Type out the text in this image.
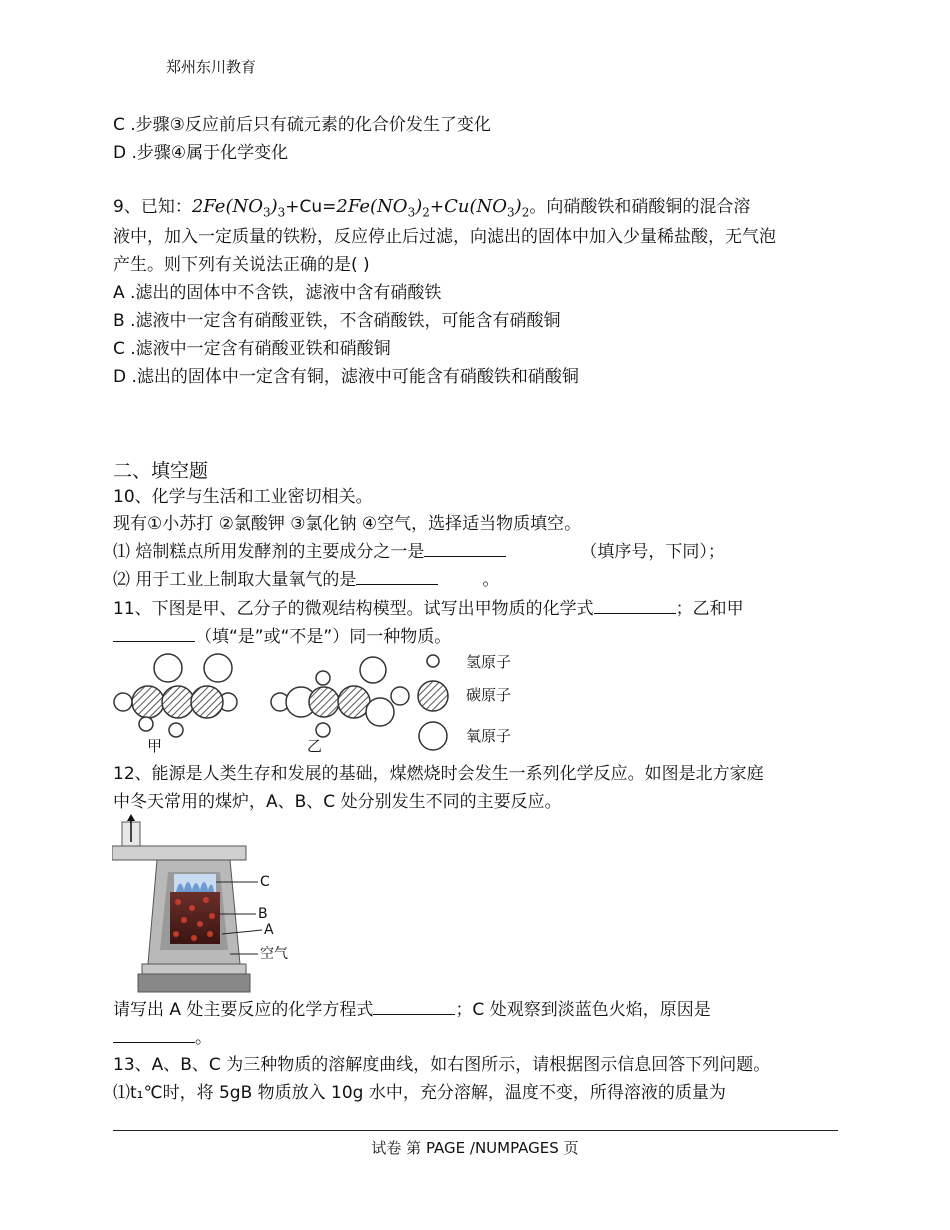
郑州东川教育
C .步骤③反应前后只有硫元素的化合价发生了变化
D .步骤④属于化学变化
9、已知：$2Fe(NO_3)_3+Cu=2Fe(NO_3)_2+Cu(NO_3)_2$。向硝酸铁和硝酸铜的混合溶
液中，加入一定质量的铁粉，反应停止后过滤，向滤出的固体中加入少量稀盐酸，无气泡
产生。则下列有关说法正确的是( )
A .滤出的固体中不含铁，滤液中含有硝酸铁
B .滤液中一定含有硝酸亚铁，不含硝酸铁，可能含有硝酸铜
C .滤液中一定含有硝酸亚铁和硝酸铜
D .滤出的固体中一定含有铜，滤液中可能含有硝酸铁和硝酸铜
二、填空题
10、化学与生活和工业密切相关。
现有①小苏打 ②氯酸钾 ③氯化钠 ④空气，选择适当物质填空。
⑴ 焙制糕点所用发酵剂的主要成分之一是	（填序号，下同）；
⑵ 用于工业上制取大量氧气的是	。
11、下图是甲、乙分子的微观结构模型。试写出甲物质的化学式	；乙和甲
（填“是”或“不是”）同一种物质。
甲	乙
氢原子
碳原子
氧原子
12、能源是人类生存和发展的基础，煤燃烧时会发生一系列化学反应。如图是北方家庭
中冬天常用的煤炉，A、B、C 处分别发生不同的主要反应。
C
B
A
空气
请写出 A 处主要反应的化学方程式	；C 处观察到淡蓝色火焰，原因是
。
13、A、B、C 为三种物质的溶解度曲线，如右图所示，请根据图示信息回答下列问题。
⑴t₁℃时，将 5gB 物质放入 10g 水中，充分溶解，温度不变，所得溶液的质量为
试卷 第 PAGE /NUMPAGES 页
